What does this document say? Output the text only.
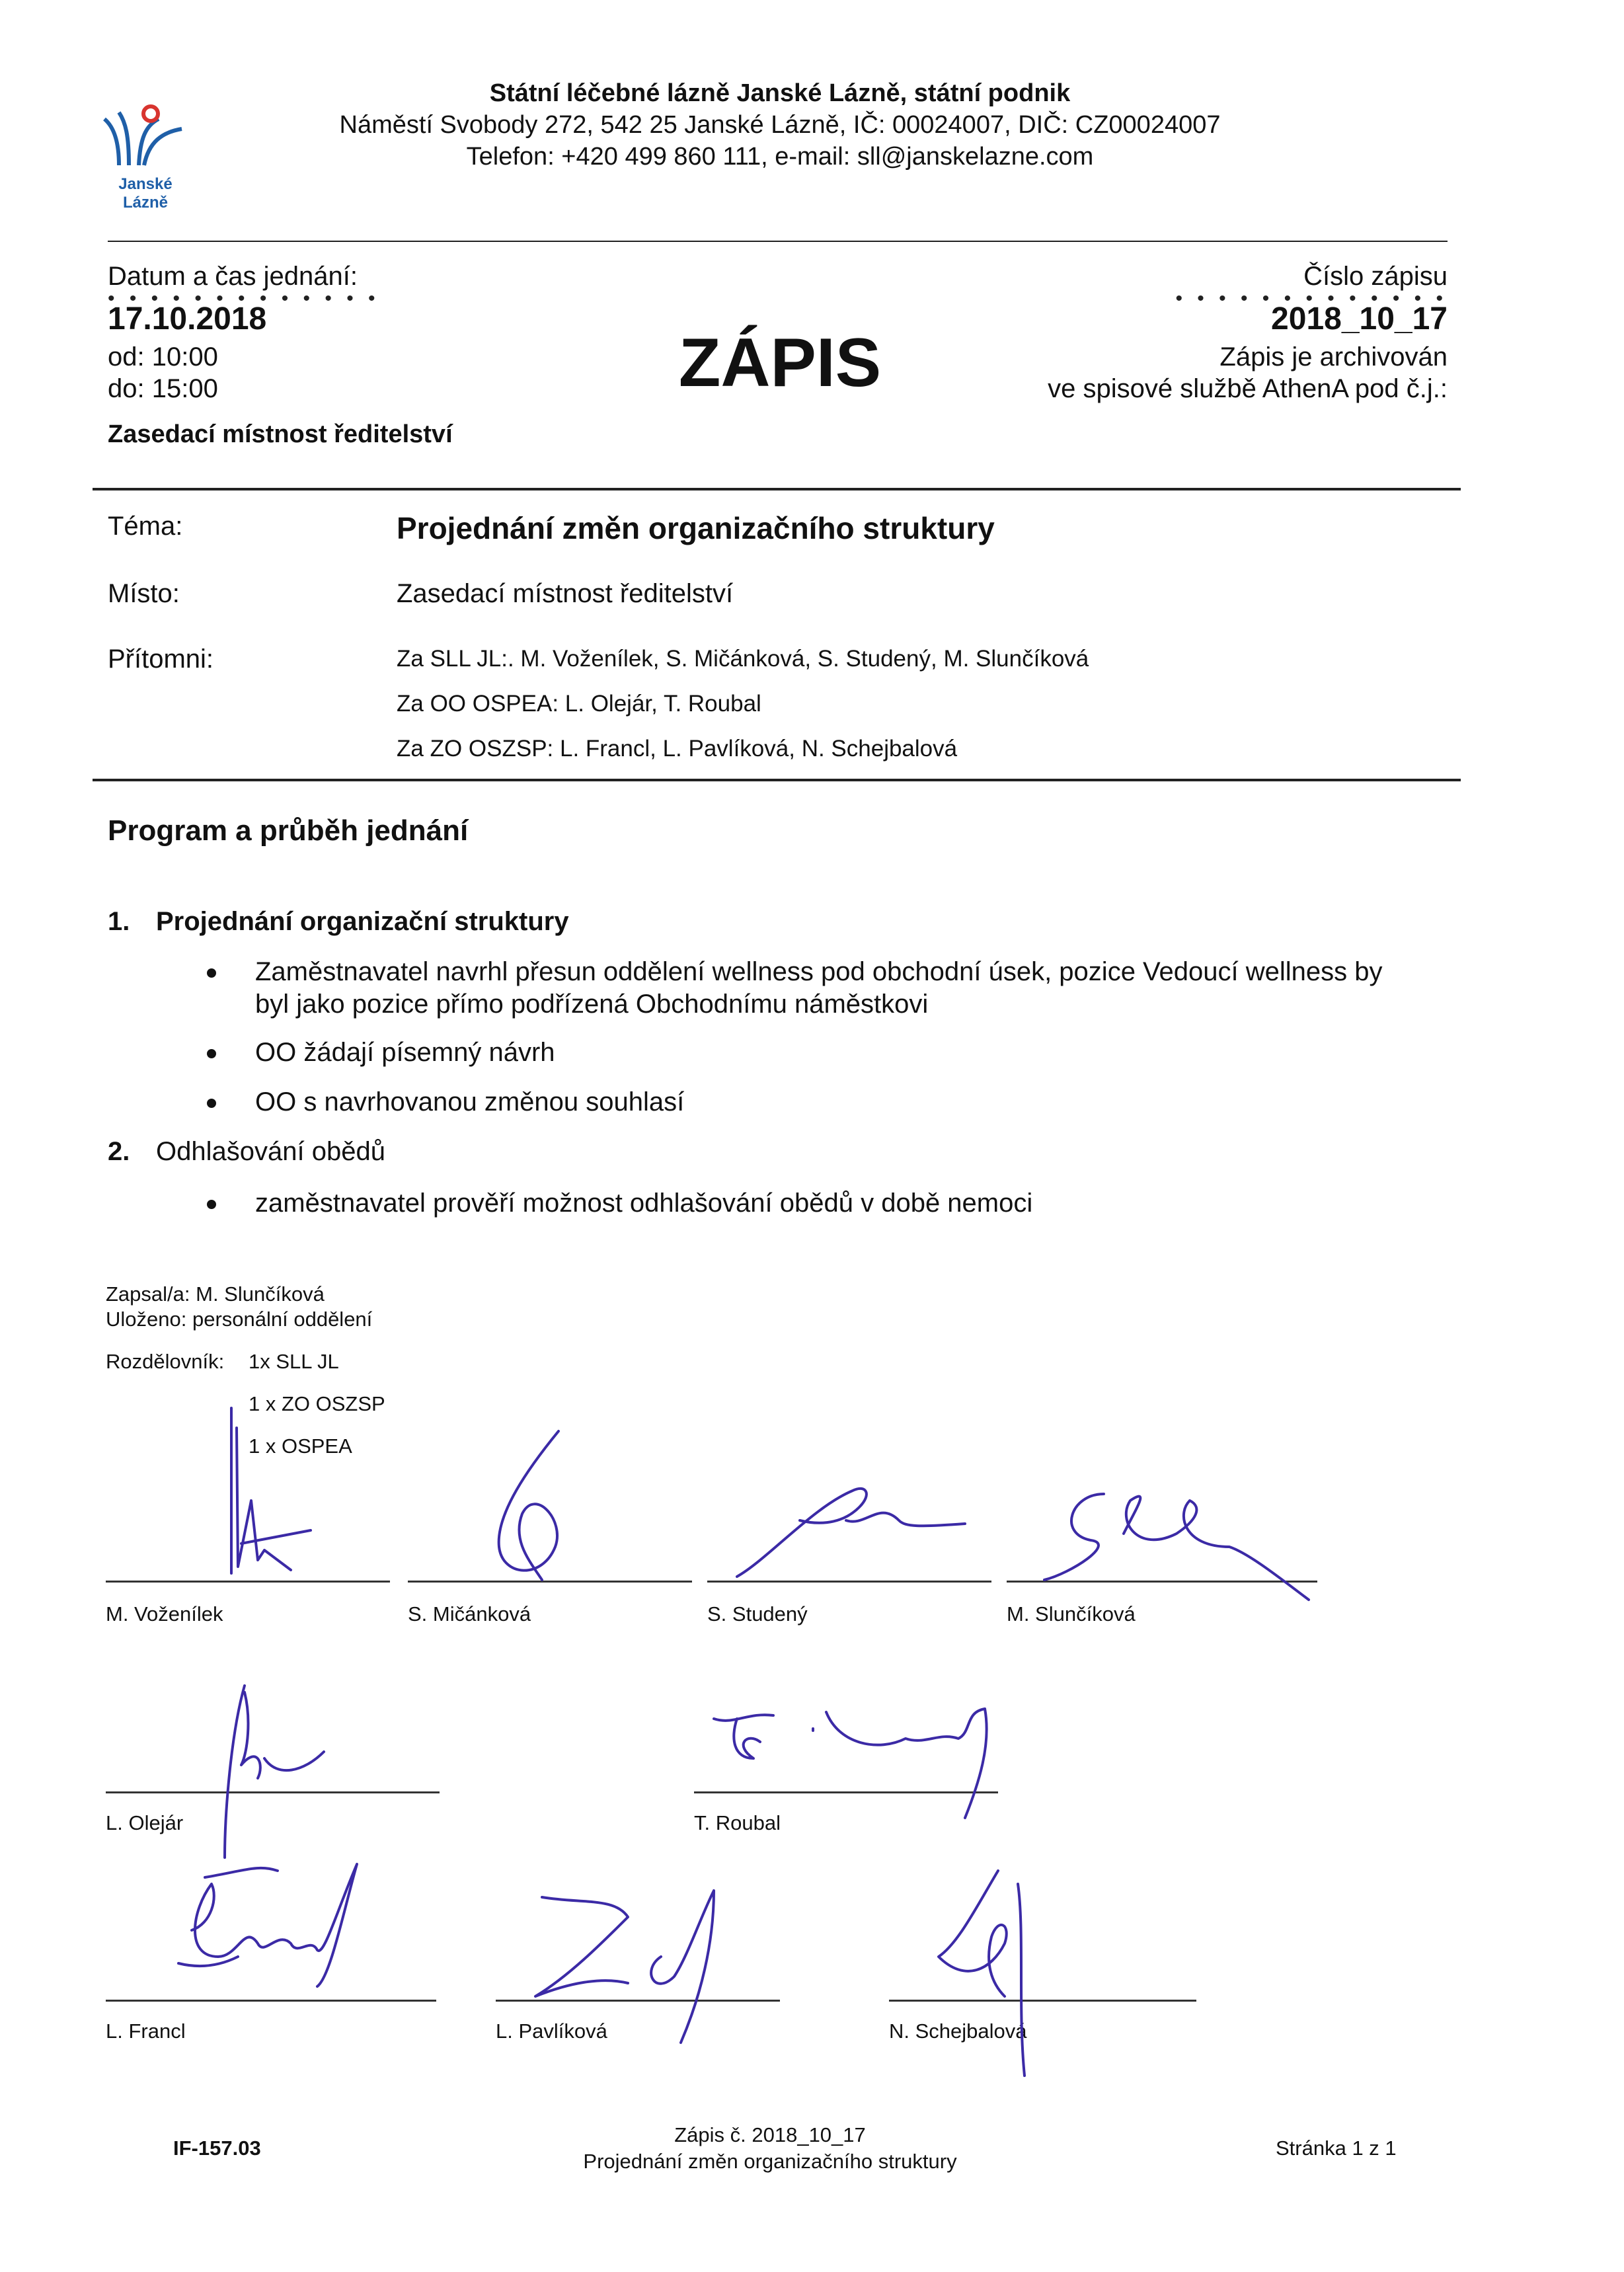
Janské
Lázně
Státní léčebné lázně Janské Lázně, státní podnik
Náměstí Svobody 272, 542 25 Janské Lázně, IČ: 00024007, DIČ: CZ00024007
Telefon: +420 499 860 111, e-mail: sll@janskelazne.com
Datum a čas jednání:
• • • • • • • • • • • • •
17.10.2018
od: 10:00
do: 15:00
Zasedací místnost ředitelství
ZÁPIS
Číslo zápisu
• • • • • • • • • • • • •
2018_10_17
Zápis je archivován
ve spisové službě AthenA pod č.j.:
Téma:	Projednání změn organizačního struktury
Místo:	Zasedací místnost ředitelství
Přítomni:	Za SLL JL:. M. Voženílek, S. Mičánková, S. Studený, M. Slunčíková
Za OO OSPEA: L. Olejár, T. Roubal
Za ZO OSZSP: L. Francl, L. Pavlíková, N. Schejbalová
Program a průběh jednání
1. Projednání organizační struktury
Zaměstnavatel navrhl přesun oddělení wellness pod obchodní úsek, pozice Vedoucí wellness by
byl jako pozice přímo podřízená Obchodnímu náměstkovi
OO žádají písemný návrh
OO s navrhovanou změnou souhlasí
2. Odhlašování obědů
zaměstnavatel prověří možnost odhlašování obědů v době nemoci
Zapsal/a: M. Slunčíková
Uloženo: personální oddělení
Rozdělovník: 1x SLL JL
1 x ZO OSZSP
1 x OSPEA
M. Voženílek	S. Mičánková	S. Studený	M. Slunčíková
L. Olejár	T. Roubal
L. Francl	L. Pavlíková	N. Schejbalová
IF-157.03
Zápis č. 2018_10_17
Projednání změn organizačního struktury
Stránka 1 z 1
